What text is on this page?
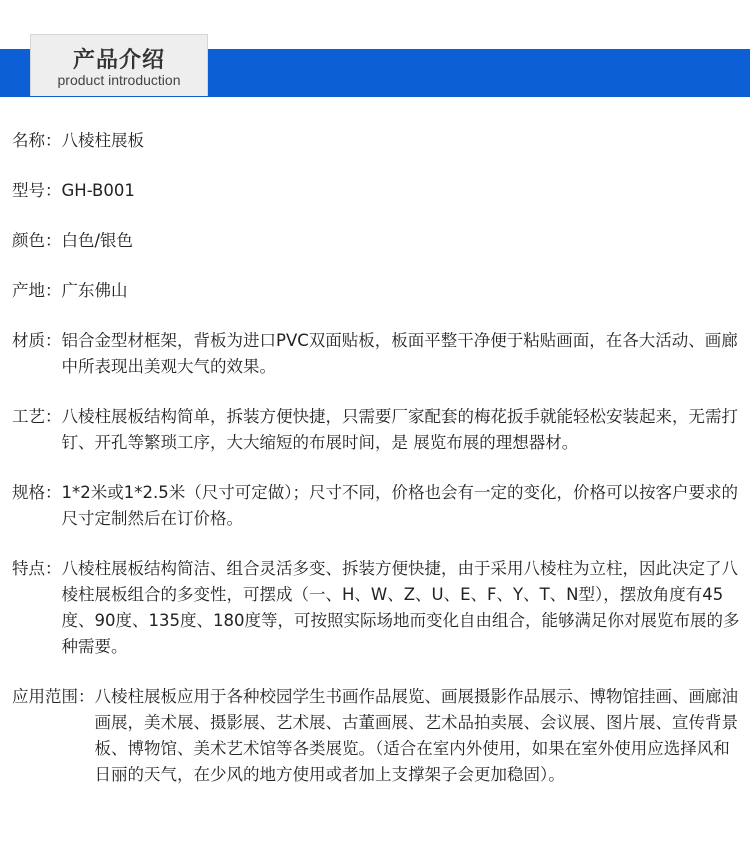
产品介绍
product introduction
名称： 八棱柱展板
型号： GH-B001
颜色： 白色/银色
产地： 广东佛山
材质： 铝合金型材框架，背板为进口PVC双面贴板，板面平整干净便于粘贴画面，在各大活动、画廊中所表现出美观大气的效果。
工艺： 八棱柱展板结构简单，拆装方便快捷，只需要厂家配套的梅花扳手就能轻松安装起来，无需打钉、开孔等繁琐工序，大大缩短的布展时间，是 展览布展的理想器材。
规格： 1*2米或1*2.5米（尺寸可定做）；尺寸不同，价格也会有一定的变化，价格可以按客户要求的尺寸定制然后在订价格。
特点： 八棱柱展板结构简洁、组合灵活多变、拆装方便快捷，由于采用八棱柱为立柱，因此决定了八棱柱展板组合的多变性，可摆成（一、H、W、Z、U、E、F、Y、T、N型），摆放角度有45度、90度、135度、180度等，可按照实际场地而变化自由组合，能够满足你对展览布展的多种需要。
应用范围： 八棱柱展板应用于各种校园学生书画作品展览、画展摄影作品展示、博物馆挂画、画廊油画展，美术展、摄影展、艺术展、古董画展、艺术品拍卖展、会议展、图片展、宣传背景板、博物馆、美术艺术馆等各类展览。（适合在室内外使用，如果在室外使用应选择风和日丽的天气，在少风的地方使用或者加上支撑架子会更加稳固）。
